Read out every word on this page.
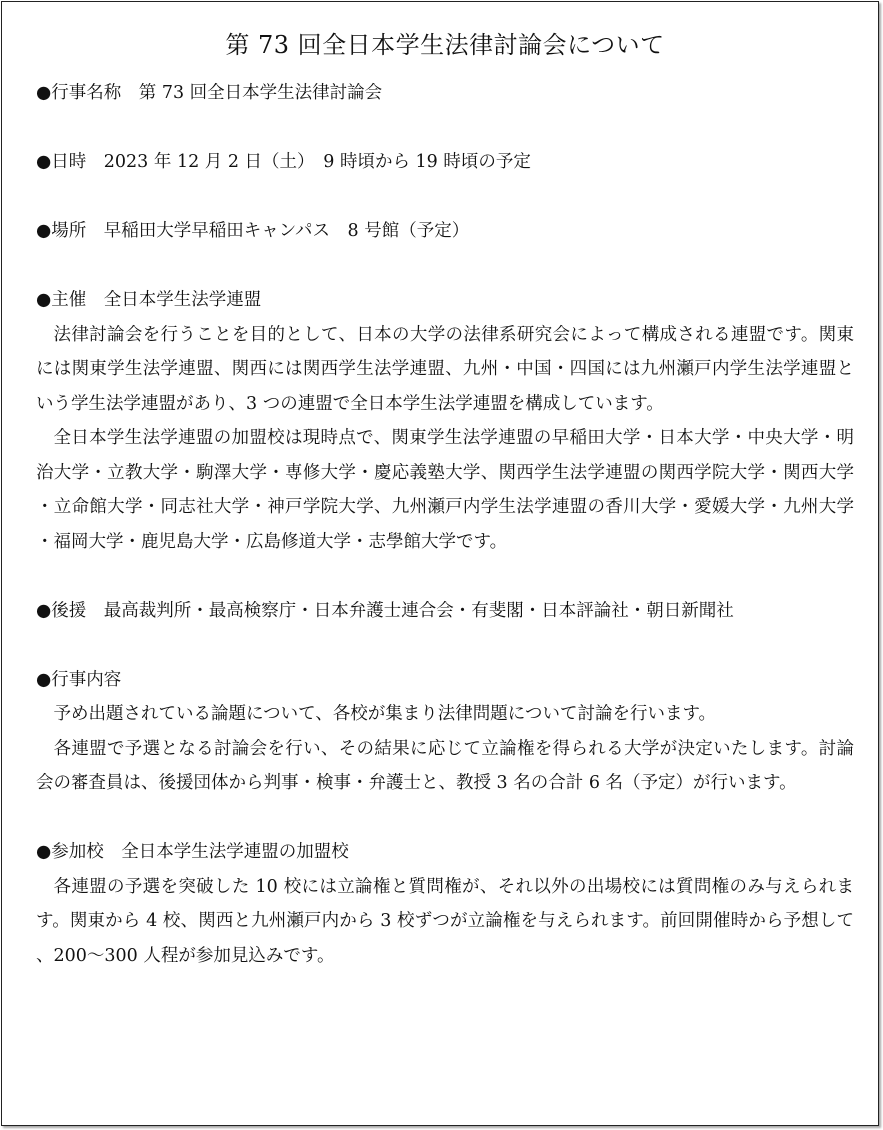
第 73 回全日本学生法律討論会について
●行事名称　 第 73 回全日本学生法律討論会
●日時　 2023 年 12 月 2 日（土）　9 時頃から 19 時頃の予定
●場所　 早稲田大学早稲田キャンパス　8 号館（予定）
●主催　 全日本学生法学連盟

法律討論会を行うことを目的として、日本の大学の法律系研究会によって構成される連盟です。関東には関東学生法学連盟、関西には関西学生法学連盟、九州・中国・四国には九州瀬戸内学生法学連盟という学生法学連盟があり、3 つの連盟で全日本学生法学連盟を構成しています。

全日本学生法学連盟の加盟校は現時点で、関東学生法学連盟の早稲田大学・日本大学・中央大学・明治大学・立教大学・駒澤大学・専修大学・慶応義塾大学、関西学生法学連盟の関西学院大学・関西大学・立命館大学・同志社大学・神戸学院大学、九州瀬戸内学生法学連盟の香川大学・愛媛大学・九州大学・福岡大学・鹿児島大学・広島修道大学・志學館大学です。

●後援　 最高裁判所・最高検察庁・日本弁護士連合会・有斐閣・日本評論社・朝日新聞社
●行事内容

予め出題されている論題について、各校が集まり法律問題について討論を行います。

各連盟で予選となる討論会を行い、その結果に応じて立論権を得られる大学が決定いたします。討論会の審査員は、後援団体から判事・検事・弁護士と、教授 3 名の合計 6 名（予定）が行います。

●参加校　 全日本学生法学連盟の加盟校

各連盟の予選を突破した 10 校には立論権と質問権が、それ以外の出場校には質問権のみ与えられます。関東から 4 校、関西と九州瀬戸内から 3 校ずつが立論権を与えられます。前回開催時から予想して、200〜300 人程が参加見込みです。
